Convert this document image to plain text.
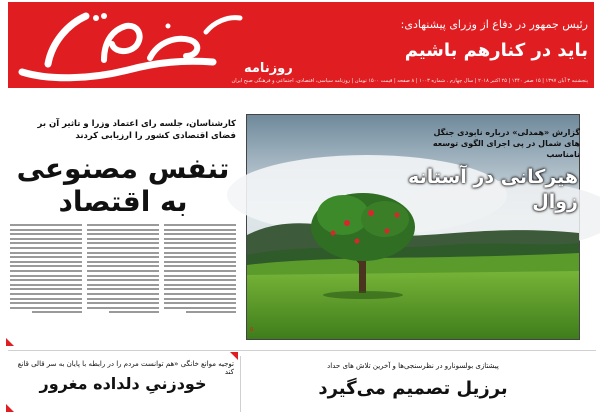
روزنامه
رئیس جمهور در دفاع از وزرای پیشنهادی:
باید در کنارهم باشیم
پنجشنبه ۳ آبان ۱۳۹۷ | ۱۵ صفر ۱۴۴۰ | ۲۵ اکتبر ۲۰۱۸ | سال چهارم . شماره ۱۰۰۳ | ۸ صفحه | قیمت ۱۵۰۰ تومان | روزنامه سیاسی، اقتصادی، اجتماعی و فرهنگی صبح ایران
کارشناسان، جلسه رای اعتماد وزرا و تاثیر آن بر فضای اقتصادی کشور را ارزیابی کردند
تنفس مصنوعی به اقتصاد
گزارش «همدلی» درباره نابودی جنگل های شمال در پی اجرای الگوی توسعه نامناسب
هیرکانی در آستانه زوال
۵
توجیه موانع خانگی «هم توانست مردم را در رابطه با پایان به سر قالی قانع کند
خودزنیِ دلداده مغرور
پیشتازی بولسونارو در نظرسنجی‌ها و آخرین تلاش های حداد
برزیل تصمیم می‌گیرد
